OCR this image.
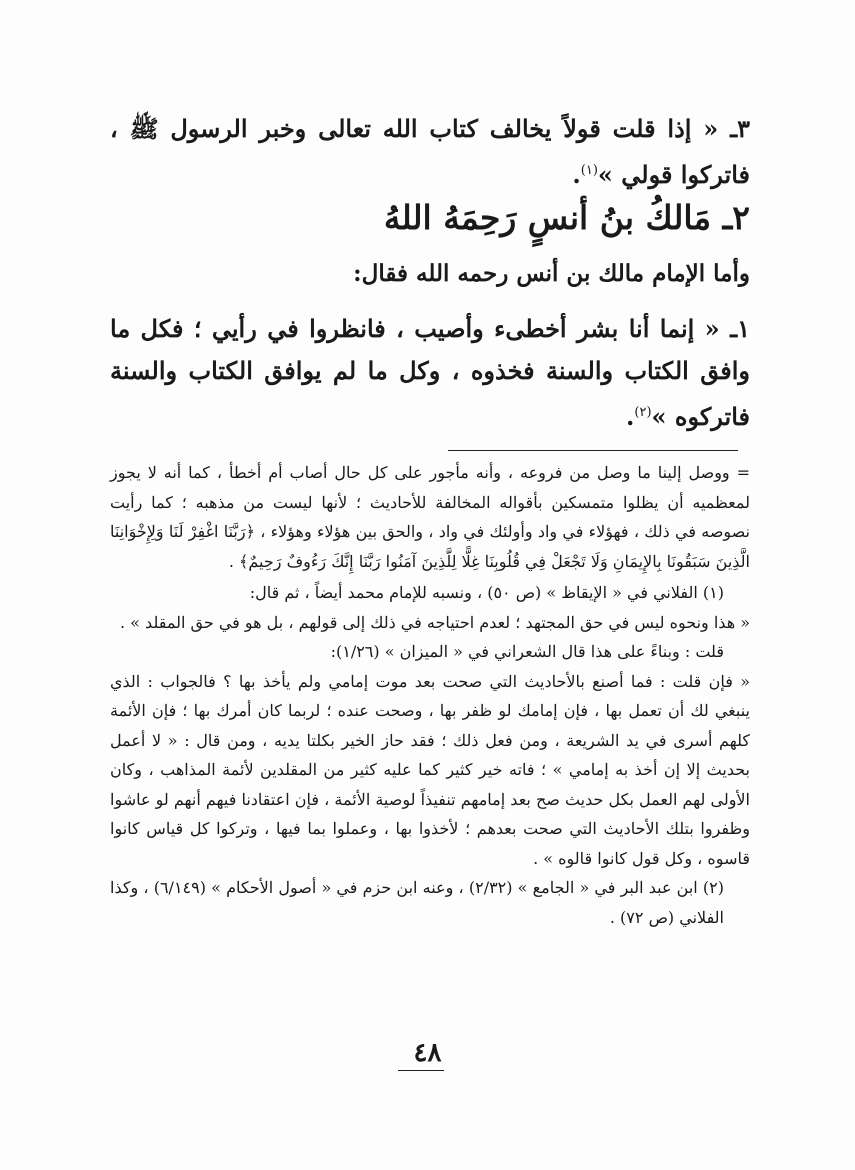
٣ـ « إذا قلت قولاً يخالف كتاب الله تعالى وخبر الرسول ﷺ ، فاتركوا قولي »$^{(١)}$.
٢ـ مَالكُ بنُ أنسٍ رَحِمَهُ اللهُ
وأما الإمام مالك بن أنس رحمه الله فقال:
١ـ « إنما أنا بشر أخطىء وأصيب ، فانظروا في رأيي ؛ فكل ما وافق الكتاب والسنة فخذوه ، وكل ما لم يوافق الكتاب والسنة فاتركوه »$^{(٢)}$.

= ووصل إلينا ما وصل من فروعه ، وأنه مأجور على كل حال أصاب أم أخطأ ، كما أنه لا يجوز لمعظميه أن يظلوا متمسكين بأقواله المخالفة للأحاديث ؛ لأنها ليست من مذهبه ؛ كما رأيت نصوصه في ذلك ، فهؤلاء في واد وأولئك في واد ، والحق بين هؤلاء وهؤلاء ، ﴿رَبَّنَا اغْفِرْ لَنَا وَلِإِخْوَانِنَا الَّذِينَ سَبَقُونَا بِالإِيمَانِ وَلَا تَجْعَلْ فِي قُلُوبِنَا غِلًّا لِلَّذِينَ آمَنُوا رَبَّنَا إِنَّكَ رَءُوفٌ رَحِيمٌ﴾ .

(١) الفلاني في « الإيقاظ » (ص ٥٠) ، ونسبه للإمام محمد أيضاً ، ثم قال:

« هذا ونحوه ليس في حق المجتهد ؛ لعدم احتياجه في ذلك إلى قولهم ، بل هو في حق المقلد » .

قلت : وبناءً على هذا قال الشعراني في « الميزان » (١/٢٦):

« فإن قلت : فما أصنع بالأحاديث التي صحت بعد موت إمامي ولم يأخذ بها ؟ فالجواب : الذي ينبغي لك أن تعمل بها ، فإن إمامك لو ظفر بها ، وصحت عنده ؛ لربما كان أمرك بها ؛ فإن الأئمة كلهم أسرى في يد الشريعة ، ومن فعل ذلك ؛ فقد حاز الخير بكلتا يديه ، ومن قال : « لا أعمل بحديث إلا إن أخذ به إمامي » ؛ فاته خير كثير كما عليه كثير من المقلدين لأئمة المذاهب ، وكان الأولى لهم العمل بكل حديث صح بعد إمامهم تنفيذاً لوصية الأئمة ، فإن اعتقادنا فيهم أنهم لو عاشوا وظفروا بتلك الأحاديث التي صحت بعدهم ؛ لأخذوا بها ، وعملوا بما فيها ، وتركوا كل قياس كانوا قاسوه ، وكل قول كانوا قالوه » .

(٢) ابن عبد البر في « الجامع » (٢/٣٢) ، وعنه ابن حزم في « أصول الأحكام » (٦/١٤٩) ، وكذا الفلاني (ص ٧٢) .

٤٨
